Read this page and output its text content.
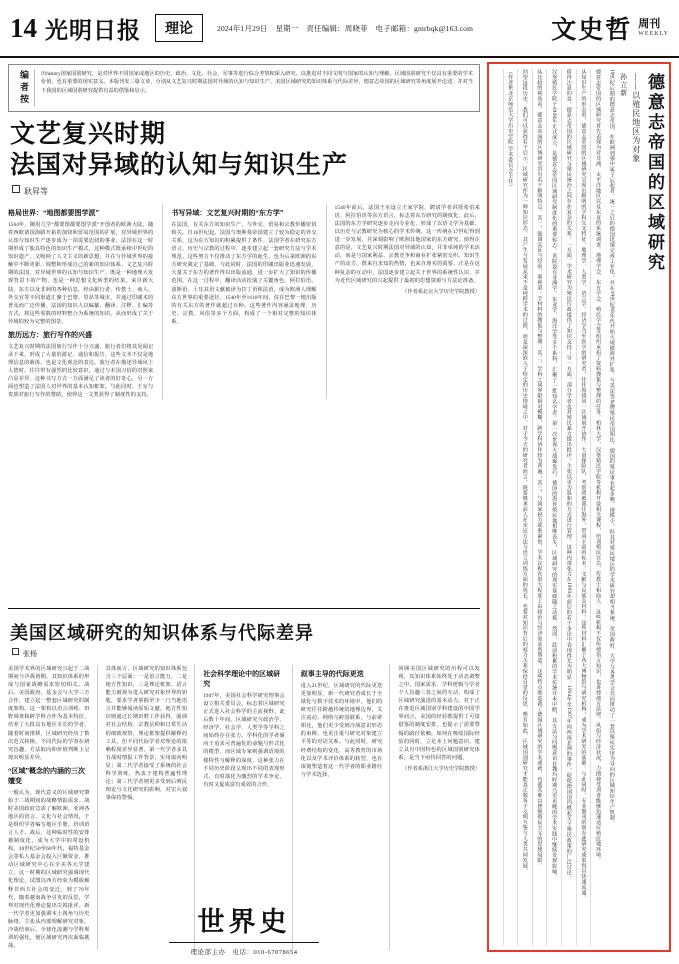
14 光明日报	理论	2024年1月29日　星期一　责任编辑：周晓菲　电子邮箱：gmrbqk@163.com	文史哲 周刊
WEEKLY
编者按	历history国家国别研究，是对世界不同国家或地区的历史、政治、文化、社会、军事等进行综合考察和深入研究，以推进对不同文明与国家的认知与理解。区域国别研究不仅具有重要的学术价值，也有重要的现实意义。本版刊发三篇文章，分别从文艺复兴时期法国对异域的认知与知识生产、美国区域研究的知识体系与代际差异、德意志帝国的区域研究等角度展开论述，并对当下我国的区域国别研究提供有益的借鉴和启示。
文艺复兴时期
法国对异域的认知与知识生产
耿昇等
格局世界：“地图都要图学派”
1564年，御用几学“都要图都要图学派”开创者的欧洲大陆，随着西欧诸国海路开拓的加快和贸易范围的扩展，对异域世界的认知与知识生产逐步成为一项需要迫切的事业。法国在这一时期形成了独具特色的知识生产模式，这种模式既承续中世纪的知识遗产，又吸纳了人文主义的新思想，并在与异域世界的接触中不断更新、调整和形成自己的新的知识体系。文艺复兴时期的法国，对异域世界的认知与知识生产，既是一种地理大发现背景下的产物，也是一种思想文化转型的结果。来自新大陆、东方以及非洲的各种信息，经由旅行者、传教士、商人、外交官等不同渠道汇聚于巴黎、里昂等城市，并通过印刷术的普及而广泛传播。法国的知识人以编纂、翻译、注释、汇编等方式，将这些零散的材料整合为系统的知识，从而形成了关于异域的较为完整的图景。
旅历远方：旅行写作的兴盛
文艺复兴时期的法国旅行写作十分兴盛，旅行者们将其见闻记录下来，形成了大量的游记、通信和报告。这些文本不仅是地理信息的载体，也是文化观念的表达。旅行者在描述异域风土人情时，往往带有强烈的比较意识，通过与本国习俗的对照来凸显差异。这种书写方式一方面满足了读者的好奇心，另一方面也塑造了法国人对世界的基本认知框架。与此同时，王室与贵族对旅行写作的赞助，使得这一文类获得了制度性的支持。
书写异域：文艺复兴时期的“东方学”
在法国，有关东方的知识生产，与外交、贸易和宗教传播密切相关。自16世纪起，法国与奥斯曼帝国建立了较为稳定的外交关系，这为东方知识的积累提供了条件。法国学者在研究东方语言、历史与宗教的过程中，逐步建立起一套研究方法与学术规范。这些努力不仅推动了东方学的诞生，也为后来欧洲的东方研究奠定了基础。与此同时，法国的印刷出版业迅速发展，大量关于东方的著作得以出版流通，进一步扩大了知识的传播范围。在这一过程中，翻译活动扮演了关键角色。阿拉伯语、波斯语、土耳其语文献被译为拉丁语和法语，成为欧洲人理解东方世界的重要途径。1540年至1610年间，仅在巴黎一地出版的有关东方的著作就超过百种。这些著作内容涵盖地理、历史、宗教、风俗等多个方面，构成了一个相对完整的知识体系。
1540年前后，法国王室设立王家学院，聘请学者讲授希伯来语、阿拉伯语等东方语言，标志着东方研究的制度化。此后，法国的东方学研究逐步走向专业化，形成了以语文学为基础、以历史与宗教研究为核心的学术传统。这一传统在17世纪得到进一步发展，并深刻影响了欧洲其他国家的东方研究。值得注意的是，文艺复兴时期法国对异域的认知，并非单纯的学术活动，而是与国家利益、宗教竞争和商业扩张紧密交织。知识生产的动力，既来自求知的热情，也来自现实的需要。正是在这种复杂的互动中，法国逐步建立起关于世界的系统性认识，并为近代区域研究的兴起提供了最初的思想资源与方法论准备。
（作者系北京大学历史学院教授）
美国区域研究的知识体系与代际差异
张杨
美国学术界的区域研究兴起于二战期间与冷战初期，其知识体系的形成与国家战略需求密切相关。战后，美国政府、基金会与大学三方合作，建立起一整套区域研究的制度架构。这一架构以语言训练、田野调查和跨学科合作为基本特征，培养了大批具有地区专长的学者。随着时间推移，区域研究经历了数次范式转换，不同代际的学者在研究旨趣、方法取向和价值判断上呈现出明显差异。
“区域”概念的内涵的三次嬗变
一般认为，现代意义的区域研究肇始于二战期间的战略情报需求。战时美国政府急需了解欧洲、亚洲各地区的语言、文化与社会情况，于是组织学者编写地区手册、培训语言人才。战后，这种临时性的安排被制度化，成为大学中的常设机构。20世纪50至60年代，福特基金会等私人基金会投入巨额资金，推动区域研究中心在全美各大学建立。这一时期的区域研究强调现代化理论，试图以西方经验为模板解释非西方社会的变迁。到了70年代，随着越南战争引发的反思，学界对现代化理论提出尖锐批评。新一代学者更加强调本土视角与历史脉络，主张从内部理解研究对象。冷战结束后，全球化浪潮与学科规训的强化，使区域研究再次面临挑战。
具体而言，区域研究的知识体系包含三个层面：一是语言能力，二是地方性知识，三是理论框架。语言能力被视为进入研究对象世界的钥匙，要求学者掌握至少一门当地语言并能够阅读原始文献。地方性知识则通过长期田野工作获得，强调对社会结构、宗教信仰和日常生活的细致观察。理论框架提供解释的工具，但不同代际学者对理论的依赖程度差异显著。第一代学者多具有战时情报工作背景，实用取向明显；第二代学者接受了系统的社会科学训练，热衷于建构普遍性理论；第三代学者则更多受到后殖民理论与文化研究的影响，对宏大叙事保持警惕。
社会科学理论中的区域研究
1947年，美国社会科学研究理事会设立相关委员会，标志着区域研究正式进入社会科学的主流视野。此后数十年间，区域研究与政治学、经济学、社会学、人类学等学科之间始终存在张力。学科化的学者倾向于追求可普遍化的命题与形式化的模型，而区域专家则强调语境的独特性与解释的深度。这种张力在不同历史阶段呈现出不同的表现形式，有时演化为激烈的学术争论，有时又促成富有成效的合作。
叙事主导的代际更迭
进入21世纪，区域研究的代际更迭更加明显。新一代研究者成长于全球化与数字技术的环境中，他们的研究往往跨越传统的地理边界，关注流动、网络与跨国联系。与前辈相比，他们更少受到冷战意识形态的束缚，也更注重与研究对象建立平等的对话关系。与此同时，研究经费结构的变化、高等教育的市场化以及学术评价体系的转型，也在深刻塑造着这一代学者的职业路径与学术选择。
回顾美国区域研究的历程可以发现，其知识体系始终处于动态调整之中。国家需求、学科逻辑与学者个人旨趣三者之间的互动，构成了区域研究演进的基本动力。对于正在推进区域国别学科建设的中国学界而言，美国的经验既提供了可资借鉴的制度安排，也提示了需要警惕的路径依赖。如何在吸收国际经验的同时，立足本土问题意识，建立具有中国特色的区域国别研究体系，是当下亟待回答的问题。
（作者系浙江大学历史学院教授）
孙立新 ——以殖民地区为对象 德意志帝国的区域研究
19世纪后期的德意志帝国，在欧洲列强中属于后起者。统一之后的德国迅速完成工业化，并在19世纪80年代开始大规模海外扩张。与英法等老牌殖民帝国相比，德国的殖民事业起步晚、规模小，但其对殖民地区的学术研究却相当系统。帝国政府、大学与各类学会共同推动了一套以殖民实用为导向的区域知识生产机制。
德意志帝国的区域研究首先表现为对非洲、太平洋地区以及东亚的系统调查。地理学会、东方学会、殖民学会等组织承担了资料搜集与整理的任务。柏林大学、汉堡殖民学院等机构开设相关课程，培训殖民官员、传教士和商人。这些机构不仅传授语言知识，也讲授地方法律、风俗与经济状况，力图使受训者能够迅速适应殖民地环境。
从知识生产的形态看，德意志帝国的区域研究呈现出鲜明的学科交叉特征。地理学、人类学、语言学、经济学乃至医学的研究者，往往围绕同一区域展开协作。大量探险队、考察团被派往海外，带回丰富的标本、文献与民族志材料。这些材料汇聚于各大博物馆与研究机构，成为学术研究的基础。与此同时，专业期刊的创办使研究成果得以快速流通。
值得注意的是，德意志帝国的区域研究与殖民统治之间存在复杂的关系。一方面，学术研究为殖民行政提供了知识支持；另一方面，部分学者也对殖民暴力提出批评，主张以更为温和的方式进行管理。这种内部张力在1900年前后的若干争论中表现得尤为明显。1904年至1907年间西南非洲的事件，促使德国国内掀起关于殖民政策的广泛讨论。
汉堡殖民学院于1908年正式成立，是德意志帝国区域研究制度化的重要标志。该院设有非洲学、东亚学、海洋学等多个系科，汇聚了一批知名学者。第一次世界大战爆发后，德国的海外殖民地相继丧失，区域研究的现实基础随之动摇。然而，此前积累的学术传统并未中断，其方法与问题意识在魏玛时期乃至更晚的学术实践中继续发挥影响。
从比较的视角看，德意志帝国的区域研究具有若干鲜明特点。其一，强调实证与经验，重视第一手材料的搜集与整理；其二，学科之间界限相对模糊，跨学科协作较为普遍；其三，与国家权力联系紧密，学术议程在很大程度上由政治与经济需求所塑造。这些特点既造就了德国区域研究的学术成就，也使其难以摆脱殖民主义的思想局限。
回望这段历史，我们可以获得若干启示。区域研究作为一种知识形态，其产生与发展从来不是纯粹学术的过程，而是深深嵌入于特定的历史情境之中。对于今天的研究者而言，既要继承前人在实证方法与语言训练方面的优长，也要对知识背后的权力关系保持自觉的反思。唯有如此，区域国别研究才能真正服务于文明互鉴与人类共同发展。
（作者系北京师范大学历史学院 学术委员会主任）
世界史
理论部主办　电话：010-67078654
